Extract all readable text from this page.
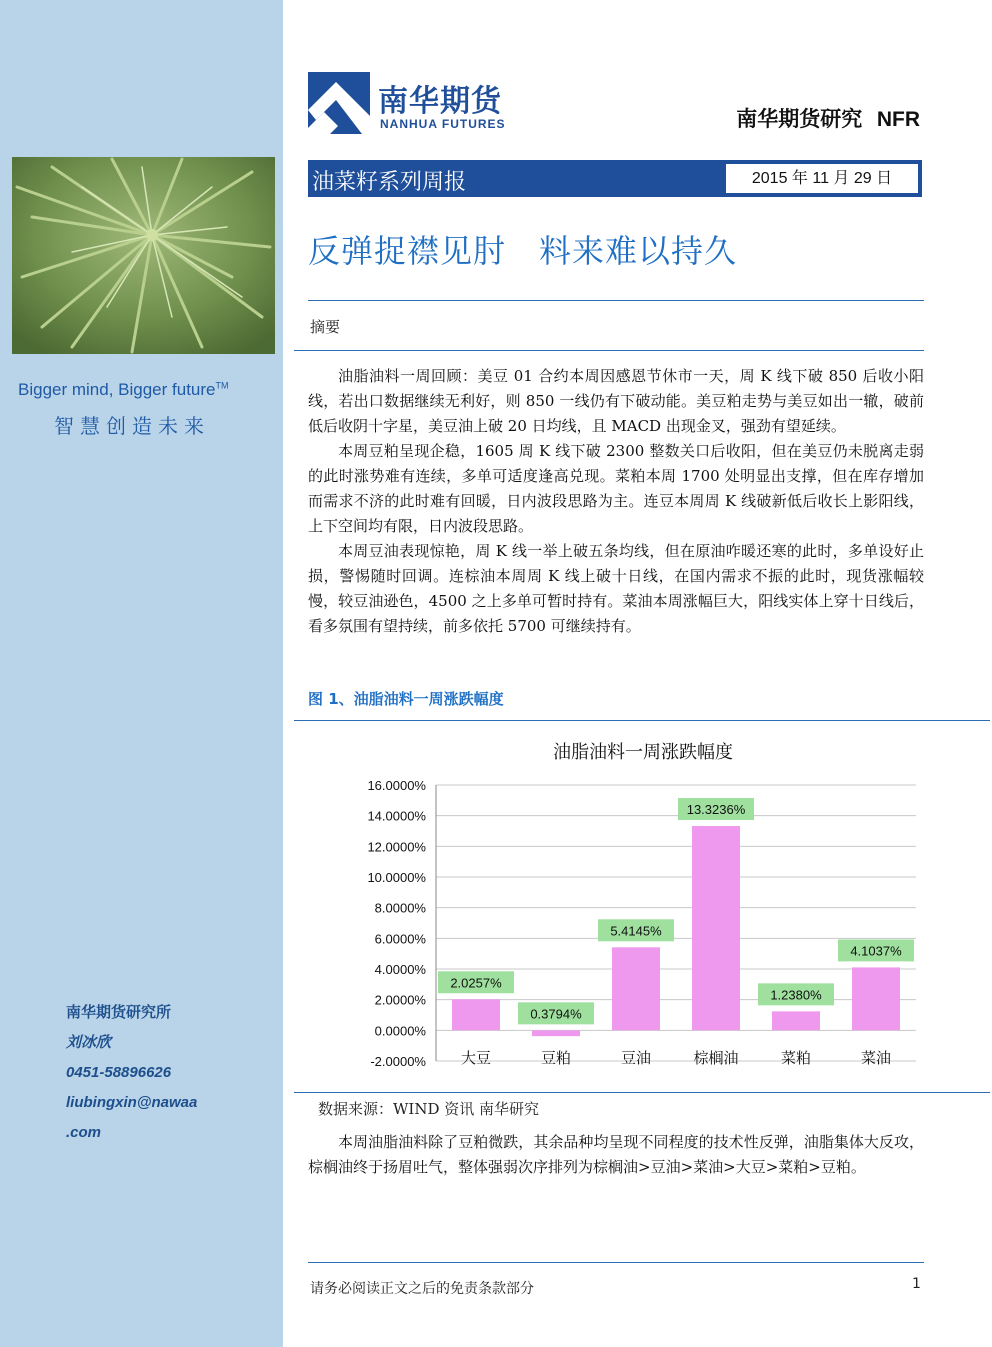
Bigger mind, Bigger future™
智慧创造未来
南华期货研究所
刘冰欣
0451-58896626
liubingxin@nawaa
.com
南华期货
NANHUA FUTURES	南华期货研究 NFR
油菜籽系列周报	2015 年 11 月 29 日
反弹捉襟见肘　料来难以持久
摘要

油脂油料一周回顾：美豆 01 合约本周因感恩节休市一天，周 K 线下破 850 后收小阳线，若出口数据继续无利好，则 850 一线仍有下破动能。美豆粕走势与美豆如出一辙，破前低后收阴十字星，美豆油上破 20 日均线，且 MACD 出现金叉，强劲有望延续。

本周豆粕呈现企稳，1605 周 K 线下破 2300 整数关口后收阳，但在美豆仍未脱离走弱的此时涨势难有连续，多单可适度逢高兑现。菜粕本周 1700 处明显出支撑，但在库存增加而需求不济的此时难有回暖，日内波段思路为主。连豆本周周 K 线破新低后收长上影阳线，上下空间均有限，日内波段思路。

本周豆油表现惊艳，周 K 线一举上破五条均线，但在原油咋暖还寒的此时，多单设好止损，警惕随时回调。连棕油本周周 K 线上破十日线，在国内需求不振的此时，现货涨幅较慢，较豆油逊色，4500 之上多单可暂时持有。菜油本周涨幅巨大，阳线实体上穿十日线后，看多氛围有望持续，前多依托 5700 可继续持有。

图 1、油脂油料一周涨跌幅度
油脂油料一周涨跌幅度
2.0257%
0.3794%
5.4145%
13.3236%
1.2380%
4.1037%
-2.0000%
0.0000%
2.0000%
4.0000%
6.0000%
8.0000%
10.0000%
12.0000%
14.0000%
16.0000%
大豆	豆粕	豆油	棕榈油	菜粕	菜油
数据来源：WIND 资讯 南华研究

本周油脂油料除了豆粕微跌，其余品种均呈现不同程度的技术性反弹，油脂集体大反攻，棕榈油终于扬眉吐气，整体强弱次序排列为棕榈油>豆油>菜油>大豆>菜粕>豆粕。

请务必阅读正文之后的免责条款部分	1
